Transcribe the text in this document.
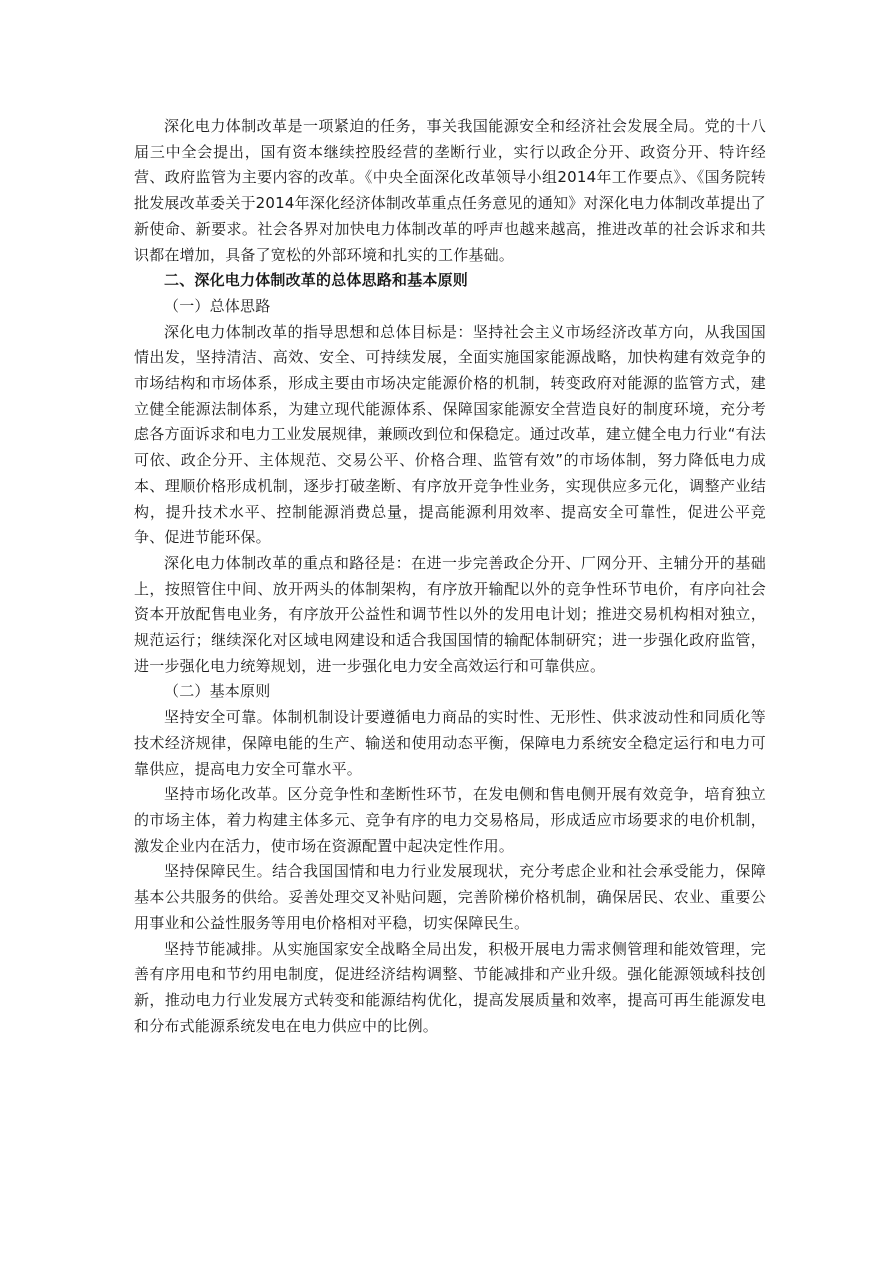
深化电力体制改革是一项紧迫的任务，事关我国能源安全和经济社会发展全局。党的十八届三中全会提出，国有资本继续控股经营的垄断行业，实行以政企分开、政资分开、特许经营、政府监管为主要内容的改革。《中央全面深化改革领导小组2014年工作要点》、《国务院转批发展改革委关于2014年深化经济体制改革重点任务意见的通知》对深化电力体制改革提出了新使命、新要求。社会各界对加快电力体制改革的呼声也越来越高，推进改革的社会诉求和共识都在增加，具备了宽松的外部环境和扎实的工作基础。

二、深化电力体制改革的总体思路和基本原则

（一）总体思路

深化电力体制改革的指导思想和总体目标是：坚持社会主义市场经济改革方向，从我国国情出发，坚持清洁、高效、安全、可持续发展，全面实施国家能源战略，加快构建有效竞争的市场结构和市场体系，形成主要由市场决定能源价格的机制，转变政府对能源的监管方式，建立健全能源法制体系，为建立现代能源体系、保障国家能源安全营造良好的制度环境，充分考虑各方面诉求和电力工业发展规律，兼顾改到位和保稳定。通过改革，建立健全电力行业“有法可依、政企分开、主体规范、交易公平、价格合理、监管有效”的市场体制，努力降低电力成本、理顺价格形成机制，逐步打破垄断、有序放开竞争性业务，实现供应多元化，调整产业结构，提升技术水平、控制能源消费总量，提高能源利用效率、提高安全可靠性，促进公平竞争、促进节能环保。

深化电力体制改革的重点和路径是：在进一步完善政企分开、厂网分开、主辅分开的基础上，按照管住中间、放开两头的体制架构，有序放开输配以外的竞争性环节电价，有序向社会资本开放配售电业务，有序放开公益性和调节性以外的发用电计划；推进交易机构相对独立，规范运行；继续深化对区域电网建设和适合我国国情的输配体制研究；进一步强化政府监管，进一步强化电力统筹规划，进一步强化电力安全高效运行和可靠供应。

（二）基本原则

坚持安全可靠。体制机制设计要遵循电力商品的实时性、无形性、供求波动性和同质化等技术经济规律，保障电能的生产、输送和使用动态平衡，保障电力系统安全稳定运行和电力可靠供应，提高电力安全可靠水平。

坚持市场化改革。区分竞争性和垄断性环节，在发电侧和售电侧开展有效竞争，培育独立的市场主体，着力构建主体多元、竞争有序的电力交易格局，形成适应市场要求的电价机制，激发企业内在活力，使市场在资源配置中起决定性作用。

坚持保障民生。结合我国国情和电力行业发展现状，充分考虑企业和社会承受能力，保障基本公共服务的供给。妥善处理交叉补贴问题，完善阶梯价格机制，确保居民、农业、重要公用事业和公益性服务等用电价格相对平稳，切实保障民生。

坚持节能减排。从实施国家安全战略全局出发，积极开展电力需求侧管理和能效管理，完善有序用电和节约用电制度，促进经济结构调整、节能减排和产业升级。强化能源领域科技创新，推动电力行业发展方式转变和能源结构优化，提高发展质量和效率，提高可再生能源发电和分布式能源系统发电在电力供应中的比例。
